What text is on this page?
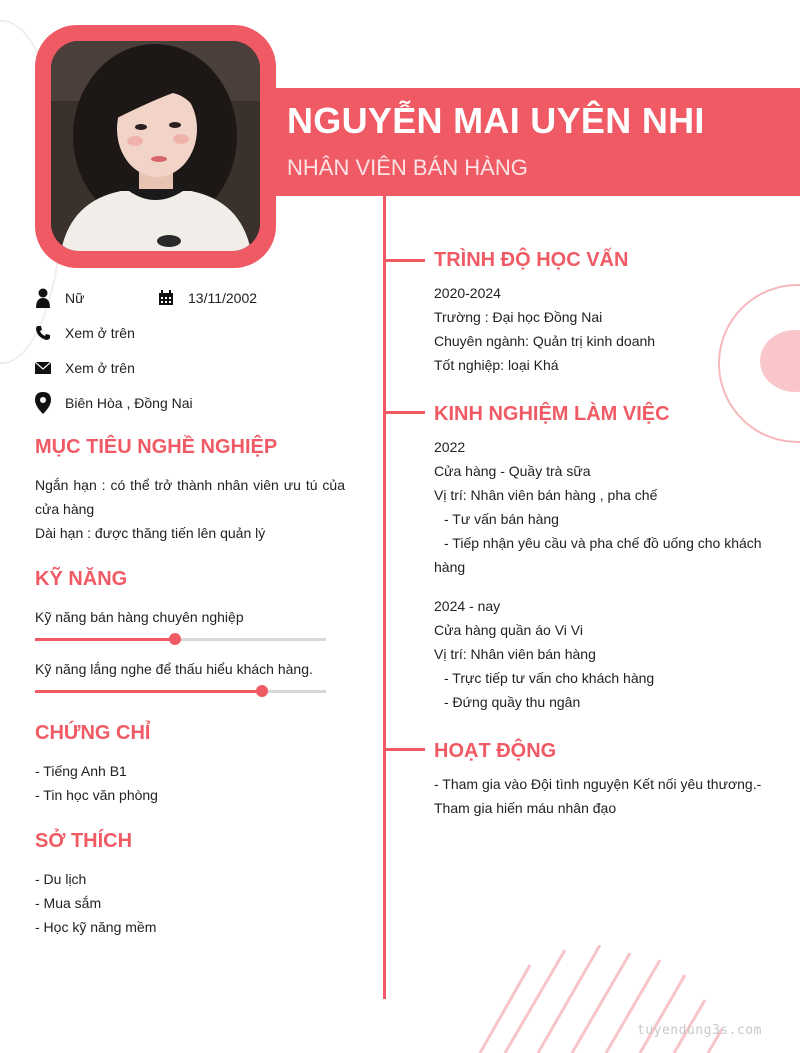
NGUYỄN MAI UYÊN NHI
NHÂN VIÊN BÁN HÀNG
Nữ	13/11/2002
Xem ở trên
Xem ở trên
Biên Hòa , Đồng Nai
MỤC TIÊU NGHỀ NGHIỆP
Ngắn hạn : có thể trở thành nhân viên ưu tú của cửa hàng
Dài hạn : được thăng tiến lên quản lý
KỸ NĂNG
Kỹ năng bán hàng chuyên nghiệp
Kỹ năng lắng nghe để thấu hiểu khách hàng.
CHỨNG CHỈ
- Tiếng Anh B1
- Tin học văn phòng
SỞ THÍCH
- Du lịch
- Mua sắm
- Học kỹ năng mềm
TRÌNH ĐỘ HỌC VẤN
2020-2024
Trường : Đại học Đồng Nai
Chuyên ngành: Quản trị kinh doanh
Tốt nghiệp: loại Khá
KINH NGHIỆM LÀM VIỆC
2022
Cửa hàng - Quầy trà sữa
Vị trí: Nhân viên bán hàng , pha chế
- Tư vấn bán hàng
- Tiếp nhận yêu cầu và pha chế đồ uống cho khách hàng
2024 - nay
Cửa hàng quần áo Vi Vi
Vị trí: Nhân viên bán hàng
- Trực tiếp tư vấn cho khách hàng
- Đứng quầy thu ngân
HOẠT ĐỘNG
- Tham gia vào Đội tình nguyện Kết nối yêu thương.- Tham gia hiến máu nhân đạo
tuyendung3s.com
